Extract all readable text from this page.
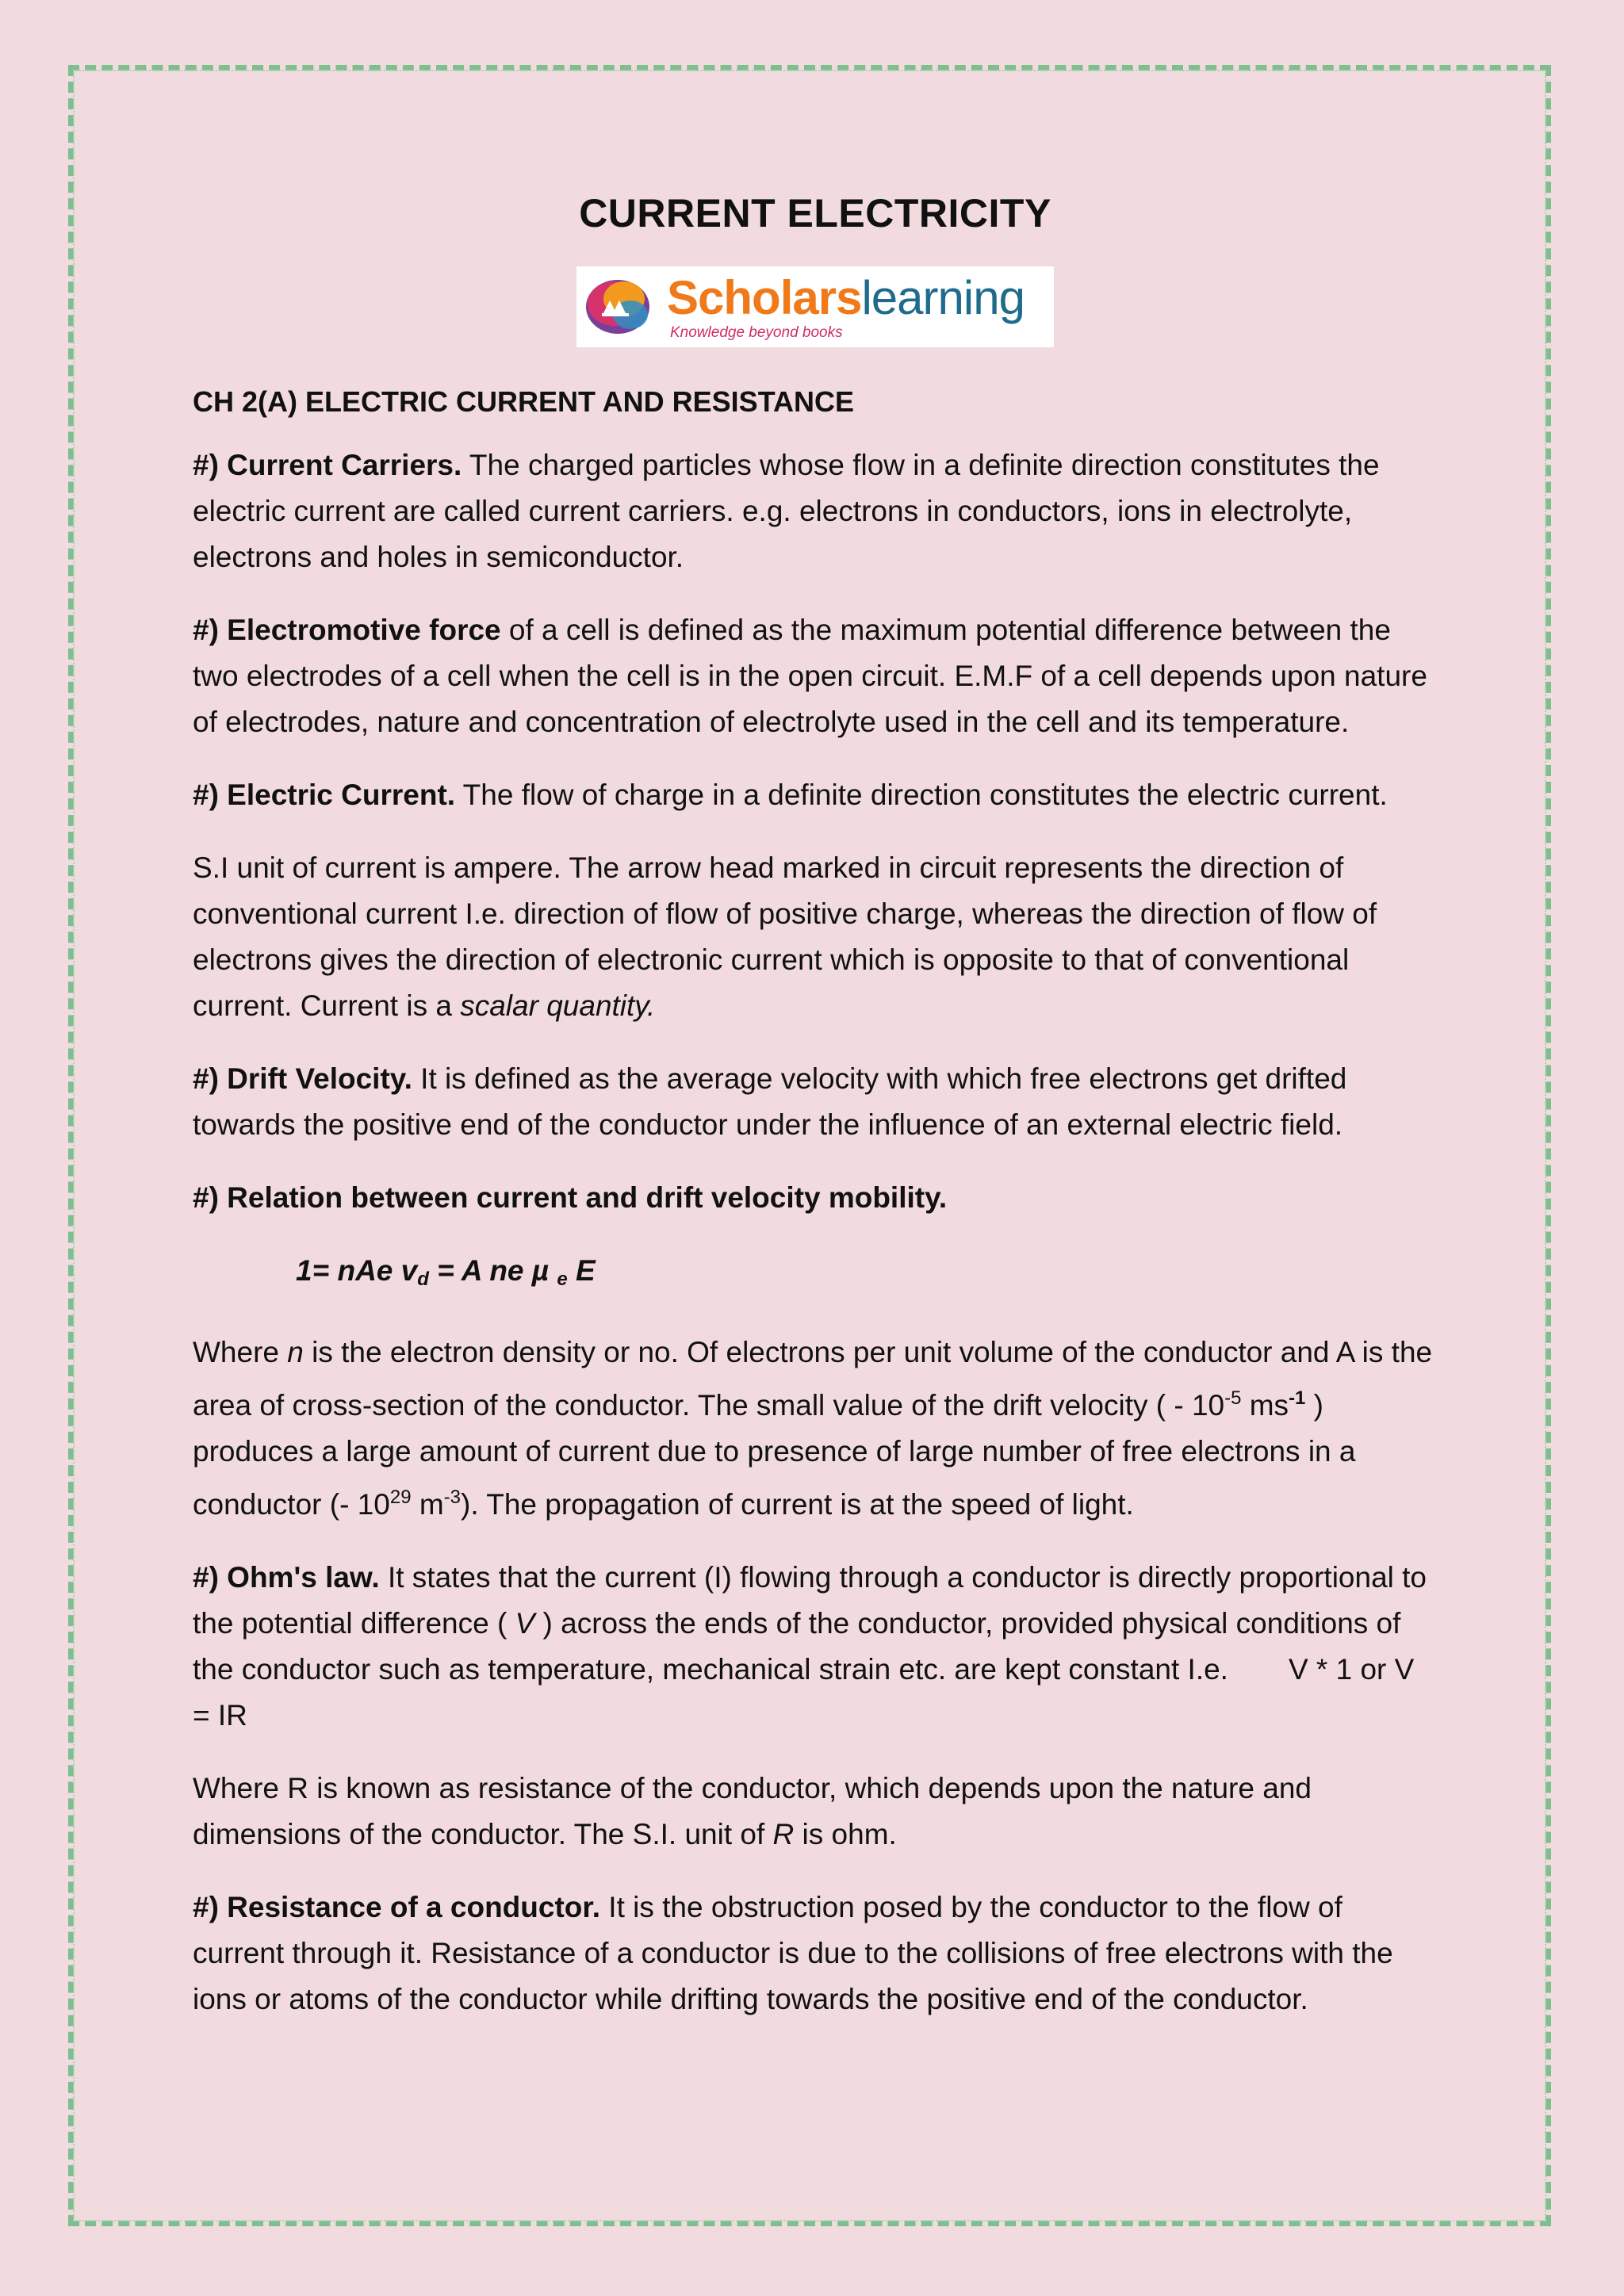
CURRENT ELECTRICITY
Scholarslearning
Knowledge beyond books
CH 2(A) ELECTRIC CURRENT AND RESISTANCE

#) Current Carriers. The charged particles whose flow in a definite direction constitutes the electric current are called current carriers. e.g. electrons in conductors, ions in electrolyte, electrons and holes in semiconductor.

#) Electromotive force of a cell is defined as the maximum potential difference between the two electrodes of a cell when the cell is in the open circuit. E.M.F of a cell depends upon nature of electrodes, nature and concentration of electrolyte used in the cell and its temperature.

#) Electric Current. The flow of charge in a definite direction constitutes the electric current.

S.I unit of current is ampere. The arrow head marked in circuit represents the direction of conventional current I.e. direction of flow of positive charge, whereas the direction of flow of electrons gives the direction of electronic current which is opposite to that of conventional current. Current is a scalar quantity.

#) Drift Velocity. It is defined as the average velocity with which free electrons get drifted towards the positive end of the conductor under the influence of an external electric field.

#) Relation between current and drift velocity mobility.

1= nAe $v_d = A$ ne µ $_e$ E

Where n is the electron density or no. Of electrons per unit volume of the conductor and A is the area of cross-section of the conductor. The small value of the drift velocity ( - $10^{-5}$ $ms^{-1}$ ) produces a large amount of current due to presence of large number of free electrons in a conductor (- $10^{29}$ $m^{-3}$). The propagation of current is at the speed of light.

#) Ohm's law. It states that the current (I) flowing through a conductor is directly proportional to the potential difference ( V ) across the ends of the conductor, provided physical conditions of the conductor such as temperature, mechanical strain etc. are kept constant I.e. V * 1 or V = IR

Where R is known as resistance of the conductor, which depends upon the nature and dimensions of the conductor. The S.I. unit of R is ohm.

#) Resistance of a conductor. It is the obstruction posed by the conductor to the flow of current through it. Resistance of a conductor is due to the collisions of free electrons with the ions or atoms of the conductor while drifting towards the positive end of the conductor.
